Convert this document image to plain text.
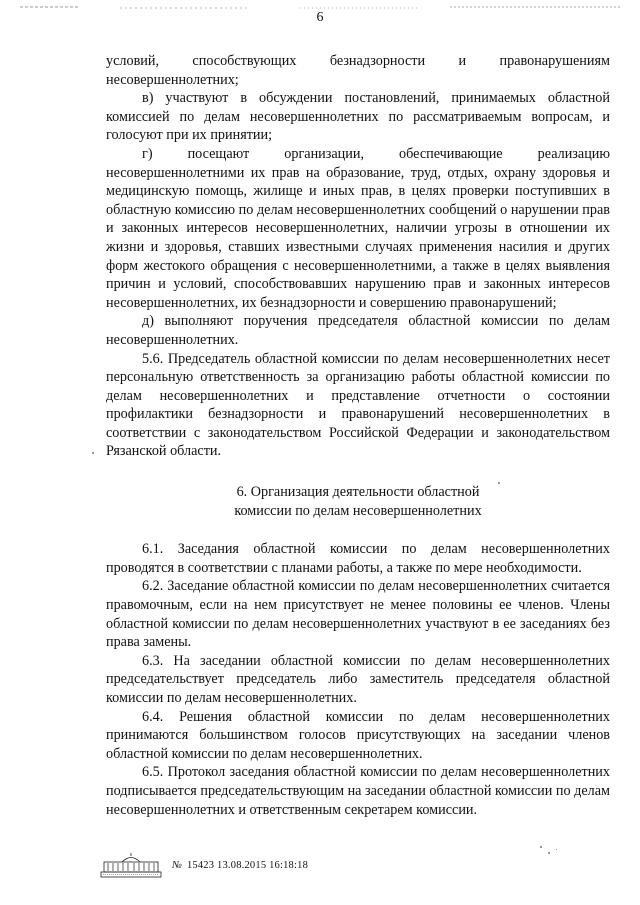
6

условий, способствующих безнадзорности и правонарушениям несовершеннолетних;

в) участвуют в обсуждении постановлений, принимаемых областной комиссией по делам несовершеннолетних по рассматриваемым вопросам, и голосуют при их принятии;

г) посещают организации, обеспечивающие реализацию несовершеннолетними их прав на образование, труд, отдых, охрану здоровья и медицинскую помощь, жилище и иных прав, в целях проверки поступивших в областную комиссию по делам несовершеннолетних сообщений о нарушении прав и законных интересов несовершеннолетних, наличии угрозы в отношении их жизни и здоровья, ставших известными случаях применения насилия и других форм жестокого обращения с несовершеннолетними, а также в целях выявления причин и условий, способствовавших нарушению прав и законных интересов несовершеннолетних, их безнадзорности и совершению правонарушений;

д) выполняют поручения председателя областной комиссии по делам несовершеннолетних.

5.6. Председатель областной комиссии по делам несовершеннолетних несет персональную ответственность за организацию работы областной комиссии по делам несовершеннолетних и представление отчетности о состоянии профилактики безнадзорности и правонарушений несовершеннолетних в соответствии с законодательством Российской Федерации и законодательством Рязанской области.

6. Организация деятельности областной
комиссии по делам несовершеннолетних

6.1. Заседания областной комиссии по делам несовершеннолетних проводятся в соответствии с планами работы, а также по мере необходимости.

6.2. Заседание областной комиссии по делам несовершеннолетних считается правомочным, если на нем присутствует не менее половины ее членов. Члены областной комиссии по делам несовершеннолетних участвуют в ее заседаниях без права замены.

6.3. На заседании областной комиссии по делам несовершеннолетних председательствует председатель либо заместитель председателя областной комиссии по делам несовершеннолетних.

6.4. Решения областной комиссии по делам несовершеннолетних принимаются большинством голосов присутствующих на заседании членов областной комиссии по делам несовершеннолетних.

6.5. Протокол заседания областной комиссии по делам несовершеннолетних подписывается председательствующим на заседании областной комиссии по делам несовершеннолетних и ответственным секретарем комиссии.

№ 15423 13.08.2015 16:18:18
